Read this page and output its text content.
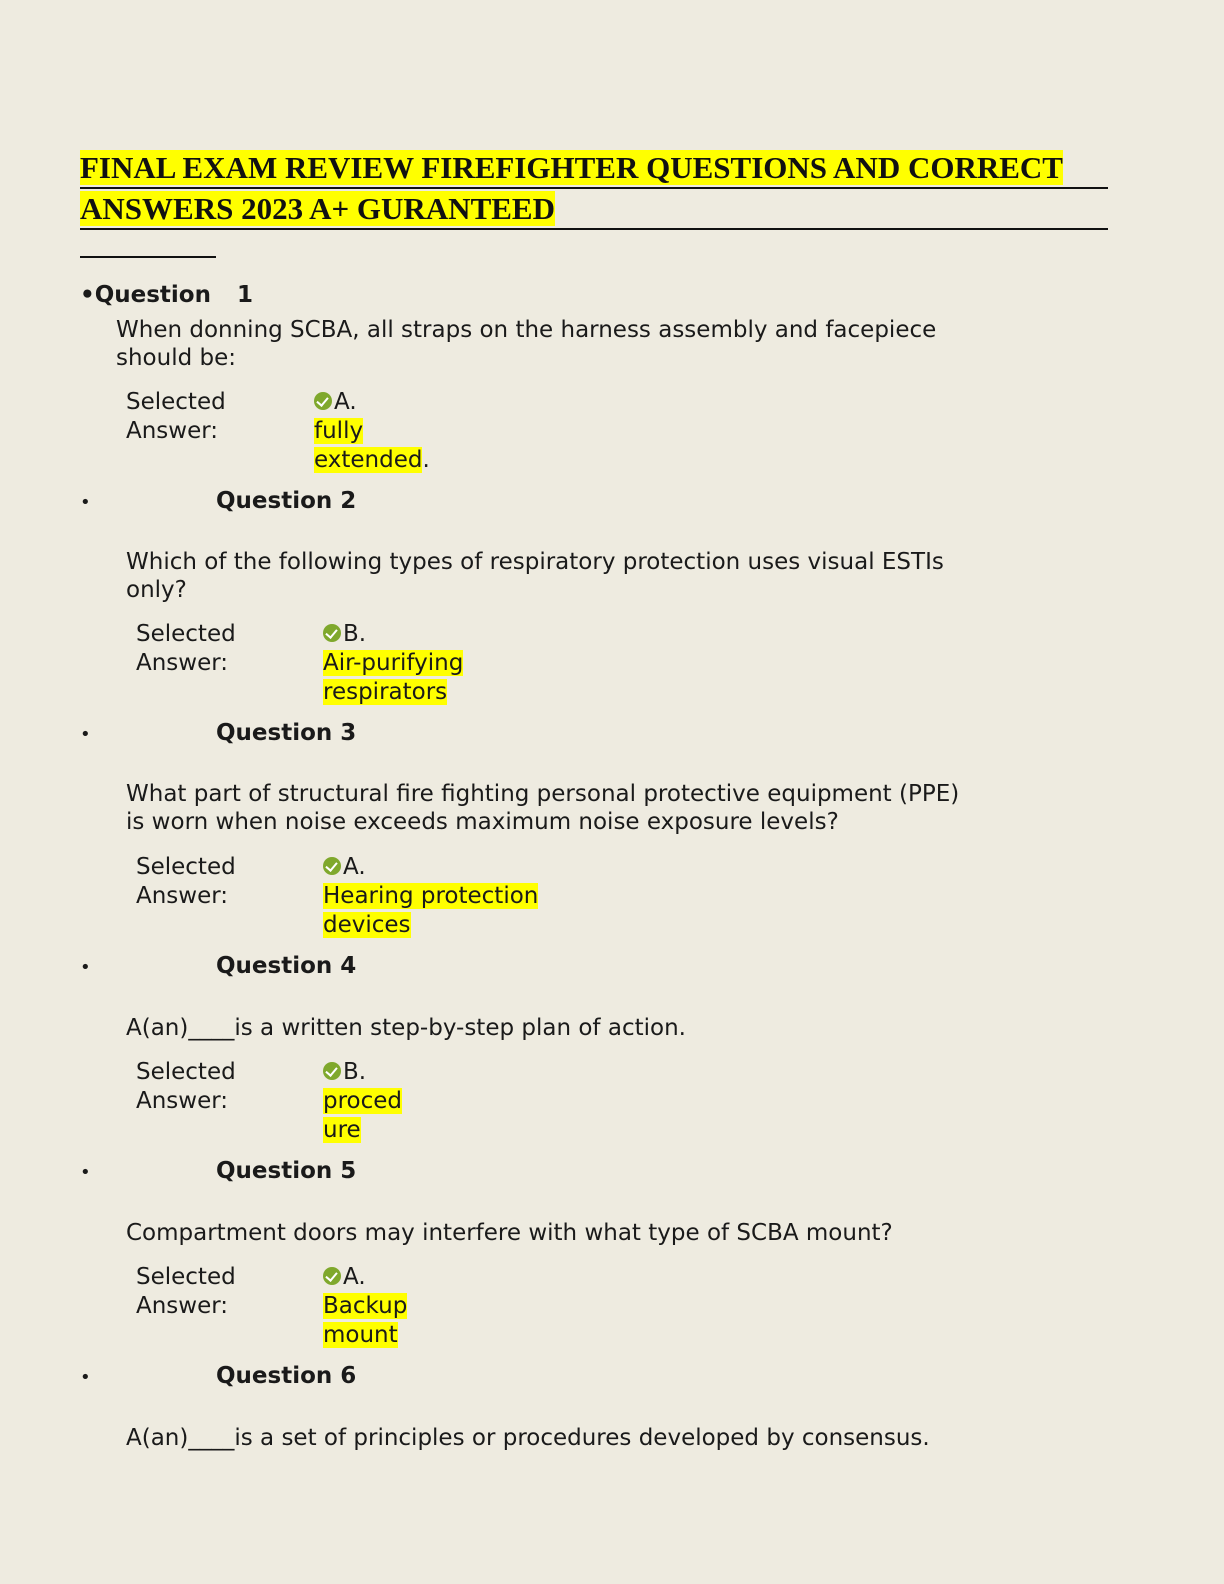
FINAL EXAM REVIEW FIREFIGHTER QUESTIONS AND CORRECT
ANSWERS 2023 A+ GURANTEED
•Question 1
When donning SCBA, all straps on the harness assembly and facepiece
should be:
Selected
Answer:
A.
fully
extended.
•	Question 2
Which of the following types of respiratory protection uses visual ESTIs
only?
Selected
Answer:
B.
Air-purifying
respirators
•	Question 3
What part of structural fire fighting personal protective equipment (PPE)
is worn when noise exceeds maximum noise exposure levels?
Selected
Answer:
A.
Hearing protection
devices
•	Question 4
A(an)____is a written step-by-step plan of action.
Selected
Answer:
B.
proced
ure
•	Question 5
Compartment doors may interfere with what type of SCBA mount?
Selected
Answer:
A.
Backup
mount
•	Question 6
A(an)____is a set of principles or procedures developed by consensus.
